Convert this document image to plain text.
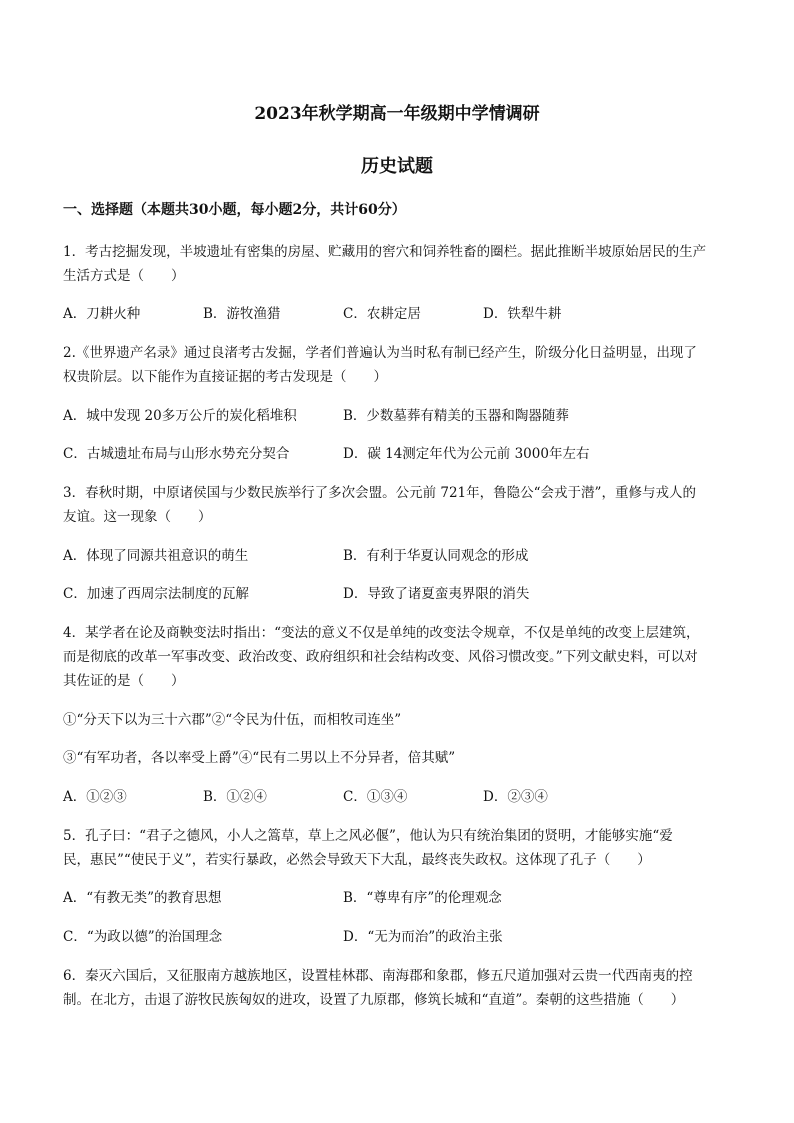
2023年秋学期高一年级期中学情调研
历史试题
一、选择题（本题共30小题，每小题2分，共计60分）
1．考古挖掘发现，半坡遗址有密集的房屋、贮藏用的窖穴和饲养牲畜的圈栏。据此推断半坡原始居民的生产
生活方式是（　　）
A．刀耕火种	B．游牧渔猎	C．农耕定居	D．铁犁牛耕
2.《世界遗产名录》通过良渚考古发掘，学者们普遍认为当时私有制已经产生，阶级分化日益明显，出现了
权贵阶层。以下能作为直接证据的考古发现是（　　）
A．城中发现 20多万公斤的炭化稻堆积	B．少数墓葬有精美的玉器和陶器随葬
C．古城遗址布局与山形水势充分契合	D．碳 14测定年代为公元前 3000年左右
3．春秋时期，中原诸侯国与少数民族举行了多次会盟。公元前 721年，鲁隐公“会戎于潜”，重修与戎人的
友谊。这一现象（　　）
A．体现了同源共祖意识的萌生	B．有利于华夏认同观念的形成
C．加速了西周宗法制度的瓦解	D．导致了诸夏蛮夷界限的消失
4．某学者在论及商鞅变法时指出：“变法的意义不仅是单纯的改变法令规章，不仅是单纯的改变上层建筑，
而是彻底的改革一军事改变、政治改变、政府组织和社会结构改变、风俗习惯改变。”下列文献史料，可以对
其佐证的是（　　）
①“分天下以为三十六郡”②“令民为什伍，而相牧司连坐”
③“有军功者，各以率受上爵”④“民有二男以上不分异者，倍其赋”
A．①②③	B．①②④	C．①③④	D．②③④
5．孔子曰：“君子之德风，小人之篙草，草上之风必偃”，他认为只有统治集团的贤明，才能够实施“爱
民，惠民”“使民于义”，若实行暴政，必然会导致天下大乱，最终丧失政权。这体现了孔子（　　）
A．“有教无类”的教育思想	B．“尊卑有序”的伦理观念
C．“为政以德”的治国理念	D．“无为而治”的政治主张
6．秦灭六国后，又征服南方越族地区，设置桂林郡、南海郡和象郡，修五尺道加强对云贵一代西南夷的控
制。在北方，击退了游牧民族匈奴的进攻，设置了九原郡，修筑长城和“直道”。秦朝的这些措施（　　）
